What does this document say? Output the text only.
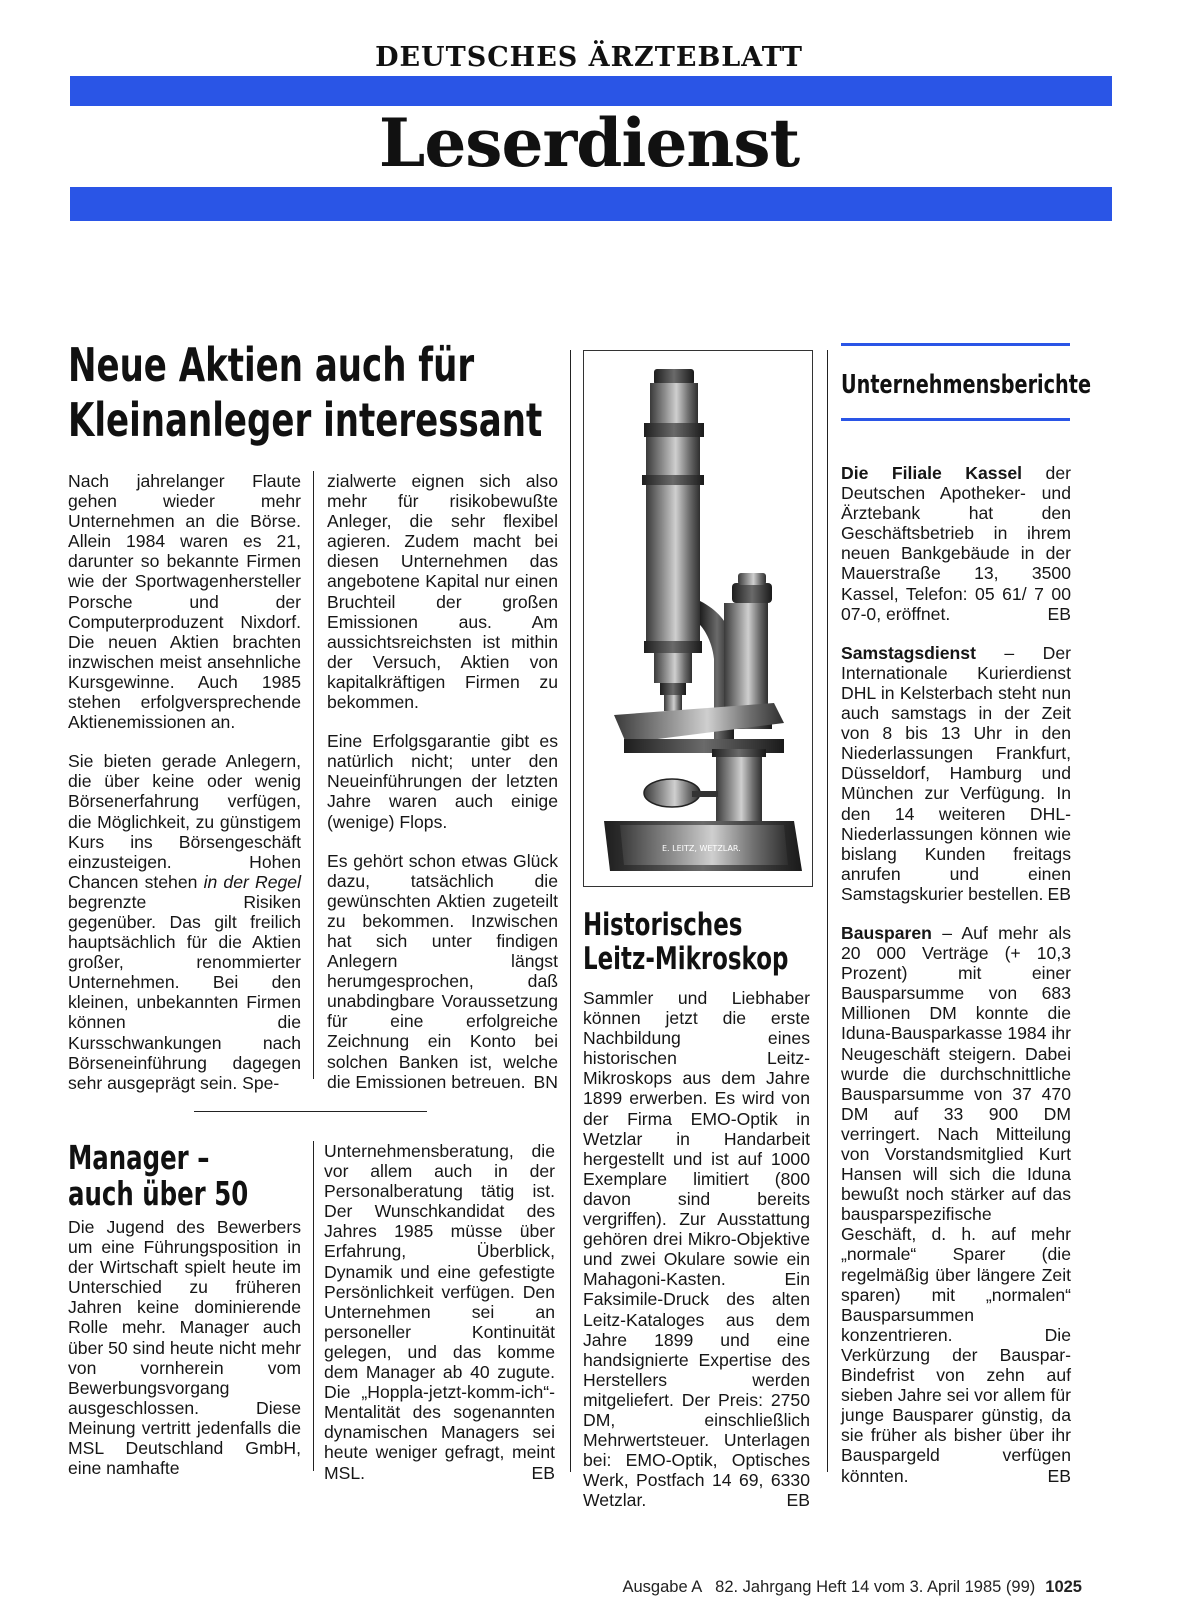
DEUTSCHES ÄRZTEBLATT
Leserdienst
Neue Aktien auch für
Kleinanleger interessant

Nach jahrelanger Flaute gehen wieder mehr Unternehmen an die Börse. Allein 1984 waren es 21, darunter so bekannte Firmen wie der Sportwagenhersteller Porsche und der Computerproduzent Nixdorf. Die neuen Aktien brachten inzwischen meist ansehnliche Kursgewinne. Auch 1985 stehen erfolgversprechende Aktienemissionen an.

Sie bieten gerade Anlegern, die über keine oder wenig Börsenerfahrung verfügen, die Möglichkeit, zu günstigem Kurs ins Börsengeschäft einzusteigen. Hohen Chancen stehen in der Regel begrenzte Risiken gegenüber. Das gilt freilich hauptsächlich für die Aktien großer, renommierter Unternehmen. Bei den kleinen, unbekannten Firmen können die Kursschwankungen nach Börseneinführung dagegen sehr ausgeprägt sein. Spe-

zialwerte eignen sich also mehr für risikobewußte Anleger, die sehr flexibel agieren. Zudem macht bei diesen Unternehmen das angebotene Kapital nur einen Bruchteil der großen Emissionen aus. Am aussichtsreichsten ist mithin der Versuch, Aktien von kapitalkräftigen Firmen zu bekommen.

Eine Erfolgsgarantie gibt es natürlich nicht; unter den Neueinführungen der letzten Jahre waren auch einige (wenige) Flops.

Es gehört schon etwas Glück dazu, tatsächlich die gewünschten Aktien zugeteilt zu bekommen. Inzwischen hat sich unter findigen Anlegern längst herumgesprochen, daß unabdingbare Voraussetzung für eine erfolgreiche Zeichnung ein Konto bei solchen Banken ist, welche die Emissionen betreuen. BN

Manager –
auch über 50
Die Jugend des Bewerbers um eine Führungsposition in der Wirtschaft spielt heute im Unterschied zu früheren Jahren keine dominierende Rolle mehr. Manager auch über 50 sind heute nicht mehr von vornherein vom Bewerbungsvorgang ausgeschlossen. Diese Meinung vertritt jedenfalls die MSL Deutschland GmbH, eine namhafte

Unternehmensberatung, die vor allem auch in der Personalberatung tätig ist. Der Wunschkandidat des Jahres 1985 müsse über Erfahrung, Überblick, Dynamik und eine gefestigte Persönlichkeit verfügen. Den Unternehmen sei an personeller Kontinuität gelegen, und das komme dem Manager ab 40 zugute. Die „Hoppla-jetzt-komm-ich“-Mentalität des sogenannten dynamischen Managers sei heute weniger gefragt, meint MSL.	EB

E. LEITZ, WETZLAR.
Historisches
Leitz-Mikroskop

Sammler und Liebhaber können jetzt die erste Nachbildung eines historischen Leitz-Mikroskops aus dem Jahre 1899 erwerben. Es wird von der Firma EMO-Optik in Wetzlar in Handarbeit hergestellt und ist auf 1000 Exemplare limitiert (800 davon sind bereits vergriffen). Zur Ausstattung gehören drei Mikro-Objektive und zwei Okulare sowie ein Mahagoni-Kasten. Ein Faksimile-Druck des alten Leitz-Kataloges aus dem Jahre 1899 und eine handsignierte Expertise des Herstellers werden mitgeliefert. Der Preis: 2750 DM, einschließlich Mehrwertsteuer. Unterlagen bei: EMO-Optik, Optisches Werk, Postfach 14 69, 6330 Wetzlar.	EB

Unternehmensberichte

Die Filiale Kassel der Deutschen Apotheker- und Ärztebank hat den Geschäftsbetrieb in ihrem neuen Bankgebäude in der Mauerstraße 13, 3500 Kassel, Telefon: 05 61/ 7 00 07-0, eröffnet.	EB

Samstagsdienst – Der Internationale Kurierdienst DHL in Kelsterbach steht nun auch samstags in der Zeit von 8 bis 13 Uhr in den Niederlassungen Frankfurt, Düsseldorf, Hamburg und München zur Verfügung. In den 14 weiteren DHL-Niederlassungen können wie bislang Kunden freitags anrufen und einen Samstagskurier bestellen. EB

Bausparen – Auf mehr als 20 000 Verträge (+ 10,3 Prozent) mit einer Bausparsumme von 683 Millionen DM konnte die Iduna-Bausparkasse 1984 ihr Neugeschäft steigern. Dabei wurde die durchschnittliche Bausparsumme von 37 470 DM auf 33 900 DM verringert. Nach Mitteilung von Vorstandsmitglied Kurt Hansen will sich die Iduna bewußt noch stärker auf das bausparspezifische Geschäft, d. h. auf mehr „normale“ Sparer (die regelmäßig über längere Zeit sparen) mit „normalen“ Bausparsummen konzentrieren. Die Verkürzung der Bauspar-Bindefrist von zehn auf sieben Jahre sei vor allem für junge Bausparer günstig, da sie früher als bisher über ihr Bauspargeld verfügen könnten.	EB

Ausgabe A   82. Jahrgang Heft 14 vom 3. April 1985 (99) 1025
